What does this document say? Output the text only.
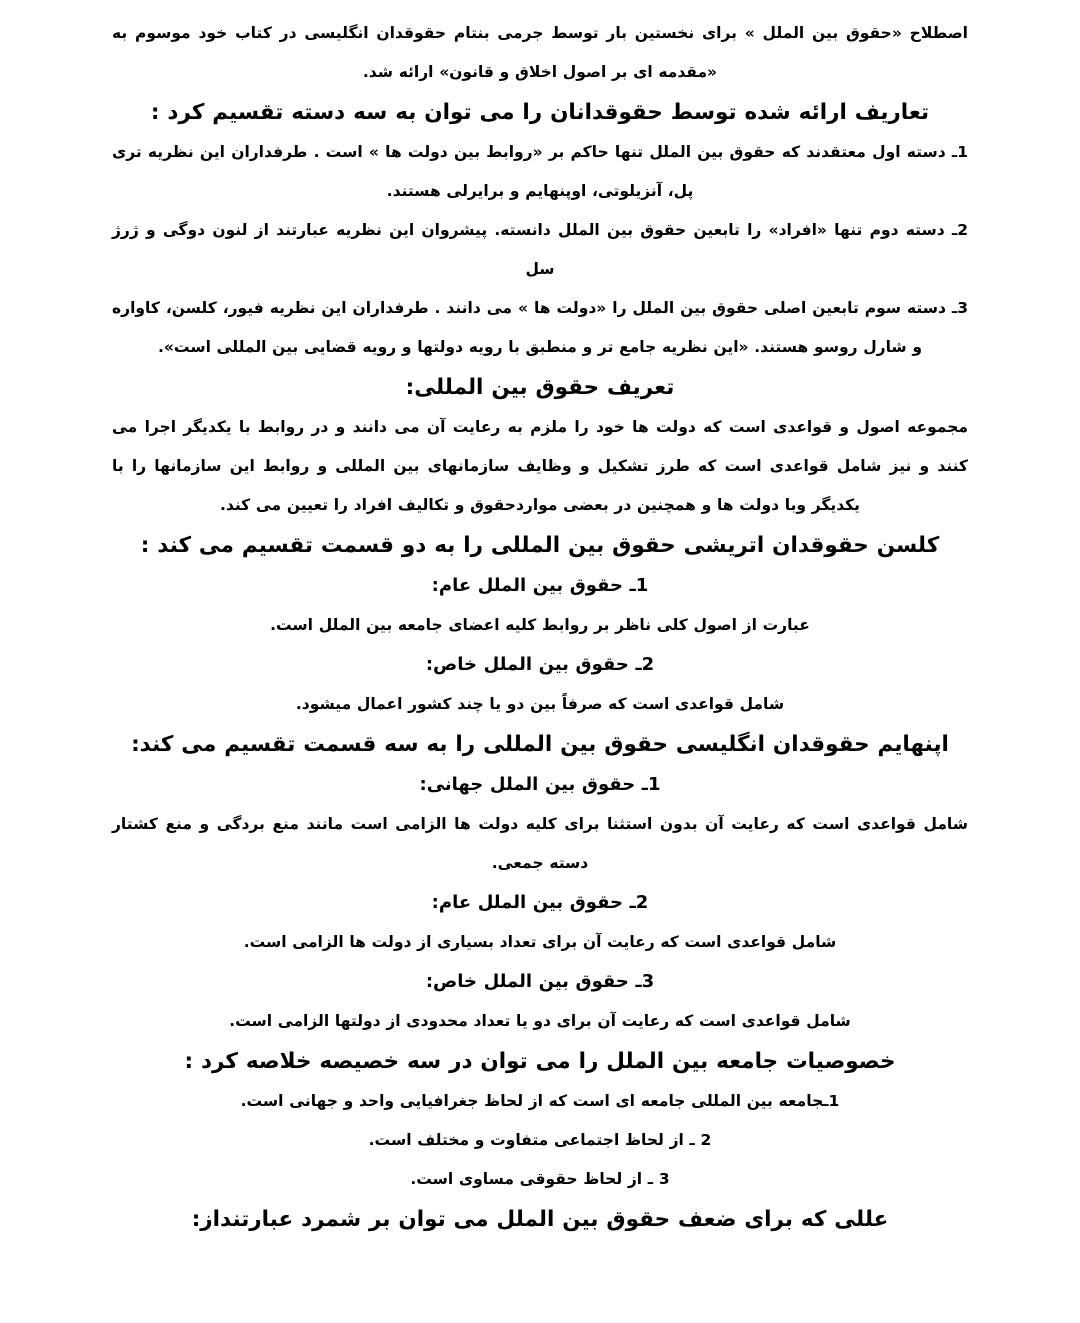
اصطلاح «حقوق بین الملل » برای نخستین بار توسط جرمی بنتام حقوقدان انگلیسی در کتاب خود موسوم به «مقدمه ای بر اصول اخلاق و قانون» ارائه شد.

تعاریف ارائه شده توسط حقوقدانان را می توان به سه دسته تقسیم کرد :

1ـ دسته اول معتقدند که حقوق بین الملل تنها حاکم بر «روابط بین دولت ها » است . طرفداران این نظریه تری پل، آنزیلوتی، اوپنهایم و برایرلی هستند.

2ـ دسته دوم تنها «افراد» را تابعین حقوق بین الملل دانسته. پیشروان این نظریه عبارتند از لنون دوگی و ژرژ سل

3ـ دسته سوم تابعین اصلی حقوق بین الملل را «دولت ها » می دانند . طرفداران این نظریه فیور، کلسن، کاواره و شارل روسو هستند. «این نظریه جامع تر و منطبق با رویه دولتها و رویه قضایی بین المللی است».

تعریف حقوق بین المللی:

مجموعه اصول و قواعدی است که دولت ها خود را ملزم به رعایت آن می دانند و در روابط با یکدیگر اجرا می کنند و نیز شامل قواعدی است که طرز تشکیل و وظایف سازمانهای بین المللی و روابط این سازمانها را با یکدیگر وبا دولت ها و همچنین در بعضی مواردحقوق و تکالیف افراد را تعیین می کند.

کلسن حقوقدان اتریشی حقوق بین المللی را به دو قسمت تقسیم می کند :

1ـ حقوق بین الملل عام:

عبارت از اصول کلی ناظر بر روابط کلیه اعضای جامعه بین الملل است.

2ـ حقوق بین الملل خاص:

شامل قواعدی است که صرفاً بین دو یا چند کشور اعمال میشود.

اپنهایم حقوقدان انگلیسی حقوق بین المللی را به سه قسمت تقسیم می کند:

1ـ حقوق بین الملل جهانی:

شامل قواعدی است که رعایت آن بدون استثنا برای کلیه دولت ها الزامی است مانند منع بردگی و منع کشتار دسته جمعی.

2ـ حقوق بین الملل عام:

شامل قواعدی است که رعایت آن برای تعداد بسیاری از دولت ها الزامی است.

3ـ حقوق بین الملل خاص:

شامل قواعدی است که رعایت آن برای دو یا تعداد محدودی از دولتها الزامی است.

خصوصیات جامعه بین الملل را می توان در سه خصیصه خلاصه کرد :

1ـجامعه بین المللی جامعه ای است که از لحاظ جغرافیایی واحد و جهانی است.

2 ـ از لحاظ اجتماعی متفاوت و مختلف است.

3 ـ از لحاظ حقوقی مساوی است.

عللی که برای ضعف حقوق بین الملل می توان بر شمرد عبارتنداز:
